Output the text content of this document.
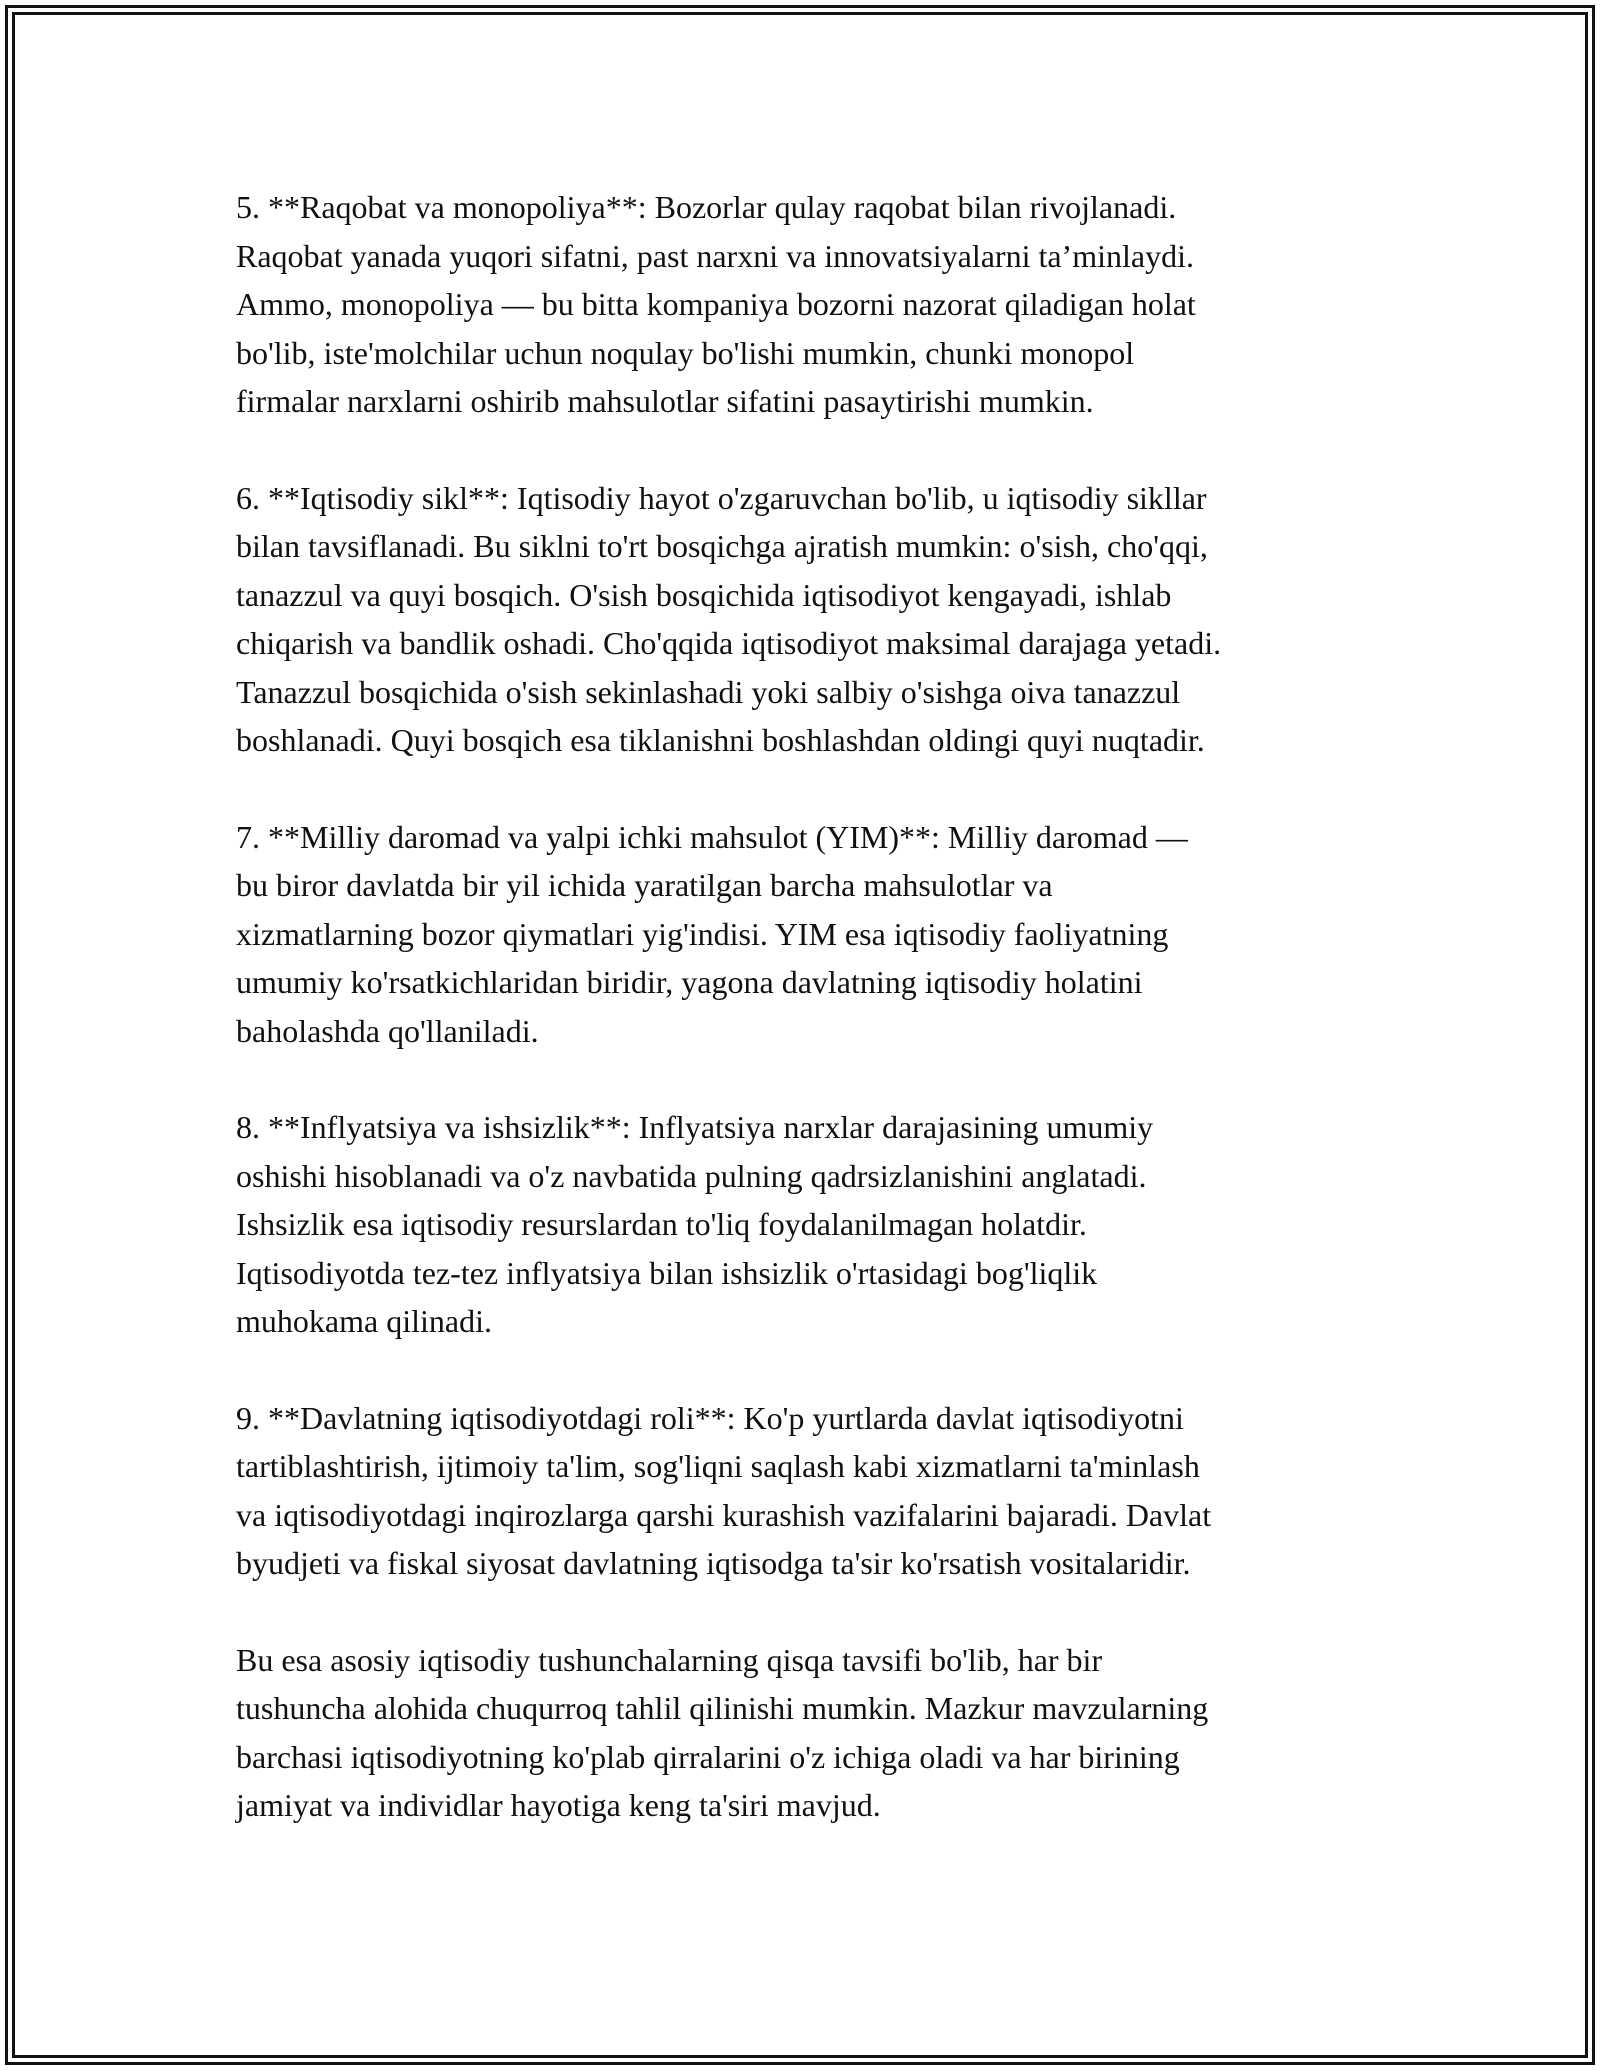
5. **Raqobat va monopoliya**: Bozorlar qulay raqobat bilan rivojlanadi.
Raqobat yanada yuqori sifatni, past narxni va innovatsiyalarni ta’minlaydi.
Ammo, monopoliya — bu bitta kompaniya bozorni nazorat qiladigan holat
bo'lib, iste'molchilar uchun noqulay bo'lishi mumkin, chunki monopol
firmalar narxlarni oshirib mahsulotlar sifatini pasaytirishi mumkin.

6. **Iqtisodiy sikl**: Iqtisodiy hayot o'zgaruvchan bo'lib, u iqtisodiy sikllar
bilan tavsiflanadi. Bu siklni to'rt bosqichga ajratish mumkin: o'sish, cho'qqi,
tanazzul va quyi bosqich. O'sish bosqichida iqtisodiyot kengayadi, ishlab
chiqarish va bandlik oshadi. Cho'qqida iqtisodiyot maksimal darajaga yetadi.
Tanazzul bosqichida o'sish sekinlashadi yoki salbiy o'sishga oiva tanazzul
boshlanadi. Quyi bosqich esa tiklanishni boshlashdan oldingi quyi nuqtadir.

7. **Milliy daromad va yalpi ichki mahsulot (YIM)**: Milliy daromad —
bu biror davlatda bir yil ichida yaratilgan barcha mahsulotlar va
xizmatlarning bozor qiymatlari yig'indisi. YIM esa iqtisodiy faoliyatning
umumiy ko'rsatkichlaridan biridir, yagona davlatning iqtisodiy holatini
baholashda qo'llaniladi.

8. **Inflyatsiya va ishsizlik**: Inflyatsiya narxlar darajasining umumiy
oshishi hisoblanadi va o'z navbatida pulning qadrsizlanishini anglatadi.
Ishsizlik esa iqtisodiy resurslardan to'liq foydalanilmagan holatdir.
Iqtisodiyotda tez-tez inflyatsiya bilan ishsizlik o'rtasidagi bog'liqlik
muhokama qilinadi.

9. **Davlatning iqtisodiyotdagi roli**: Ko'p yurtlarda davlat iqtisodiyotni
tartiblashtirish, ijtimoiy ta'lim, sog'liqni saqlash kabi xizmatlarni ta'minlash
va iqtisodiyotdagi inqirozlarga qarshi kurashish vazifalarini bajaradi. Davlat
byudjeti va fiskal siyosat davlatning iqtisodga ta'sir ko'rsatish vositalaridir.

Bu esa asosiy iqtisodiy tushunchalarning qisqa tavsifi bo'lib, har bir
tushuncha alohida chuqurroq tahlil qilinishi mumkin. Mazkur mavzularning
barchasi iqtisodiyotning ko'plab qirralarini o'z ichiga oladi va har birining
jamiyat va individlar hayotiga keng ta'siri mavjud.
